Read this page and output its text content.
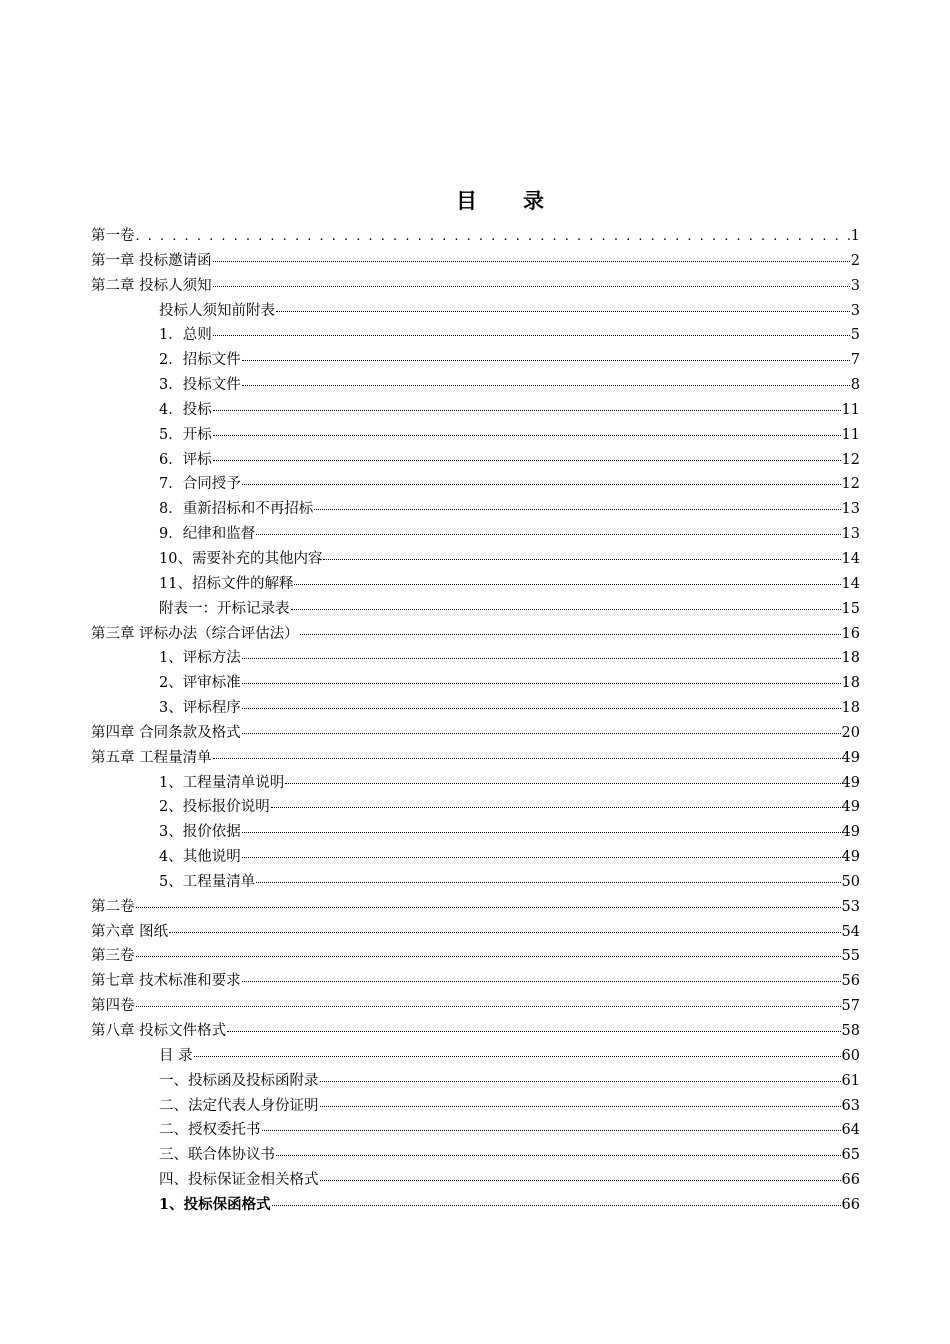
目 录
第一卷 . . .	1
第一章 投标邀请函	2
第二章 投标人须知	3
投标人须知前附表	3
1．总则	5
2．招标文件	7
3．投标文件	8
4．投标	11
5．开标	11
6．评标	12
7．合同授予	12
8．重新招标和不再招标	13
9．纪律和监督	13
10、需要补充的其他内容	14
11、招标文件的解释	14
附表一：开标记录表	15
第三章 评标办法（综合评估法）	16
1、评标方法	18
2、评审标准	18
3、评标程序	18
第四章 合同条款及格式	20
第五章 工程量清单	49
1、工程量清单说明	49
2、投标报价说明	49
3、报价依据	49
4、其他说明	49
5、工程量清单	50
第二卷	53
第六章 图纸	54
第三卷	55
第七章 技术标准和要求	56
第四卷	57
第八章 投标文件格式	58
目 录	60
一、投标函及投标函附录	61
二、法定代表人身份证明	63
二、授权委托书	64
三、联合体协议书	65
四、投标保证金相关格式	66
1、投标保函格式	66
